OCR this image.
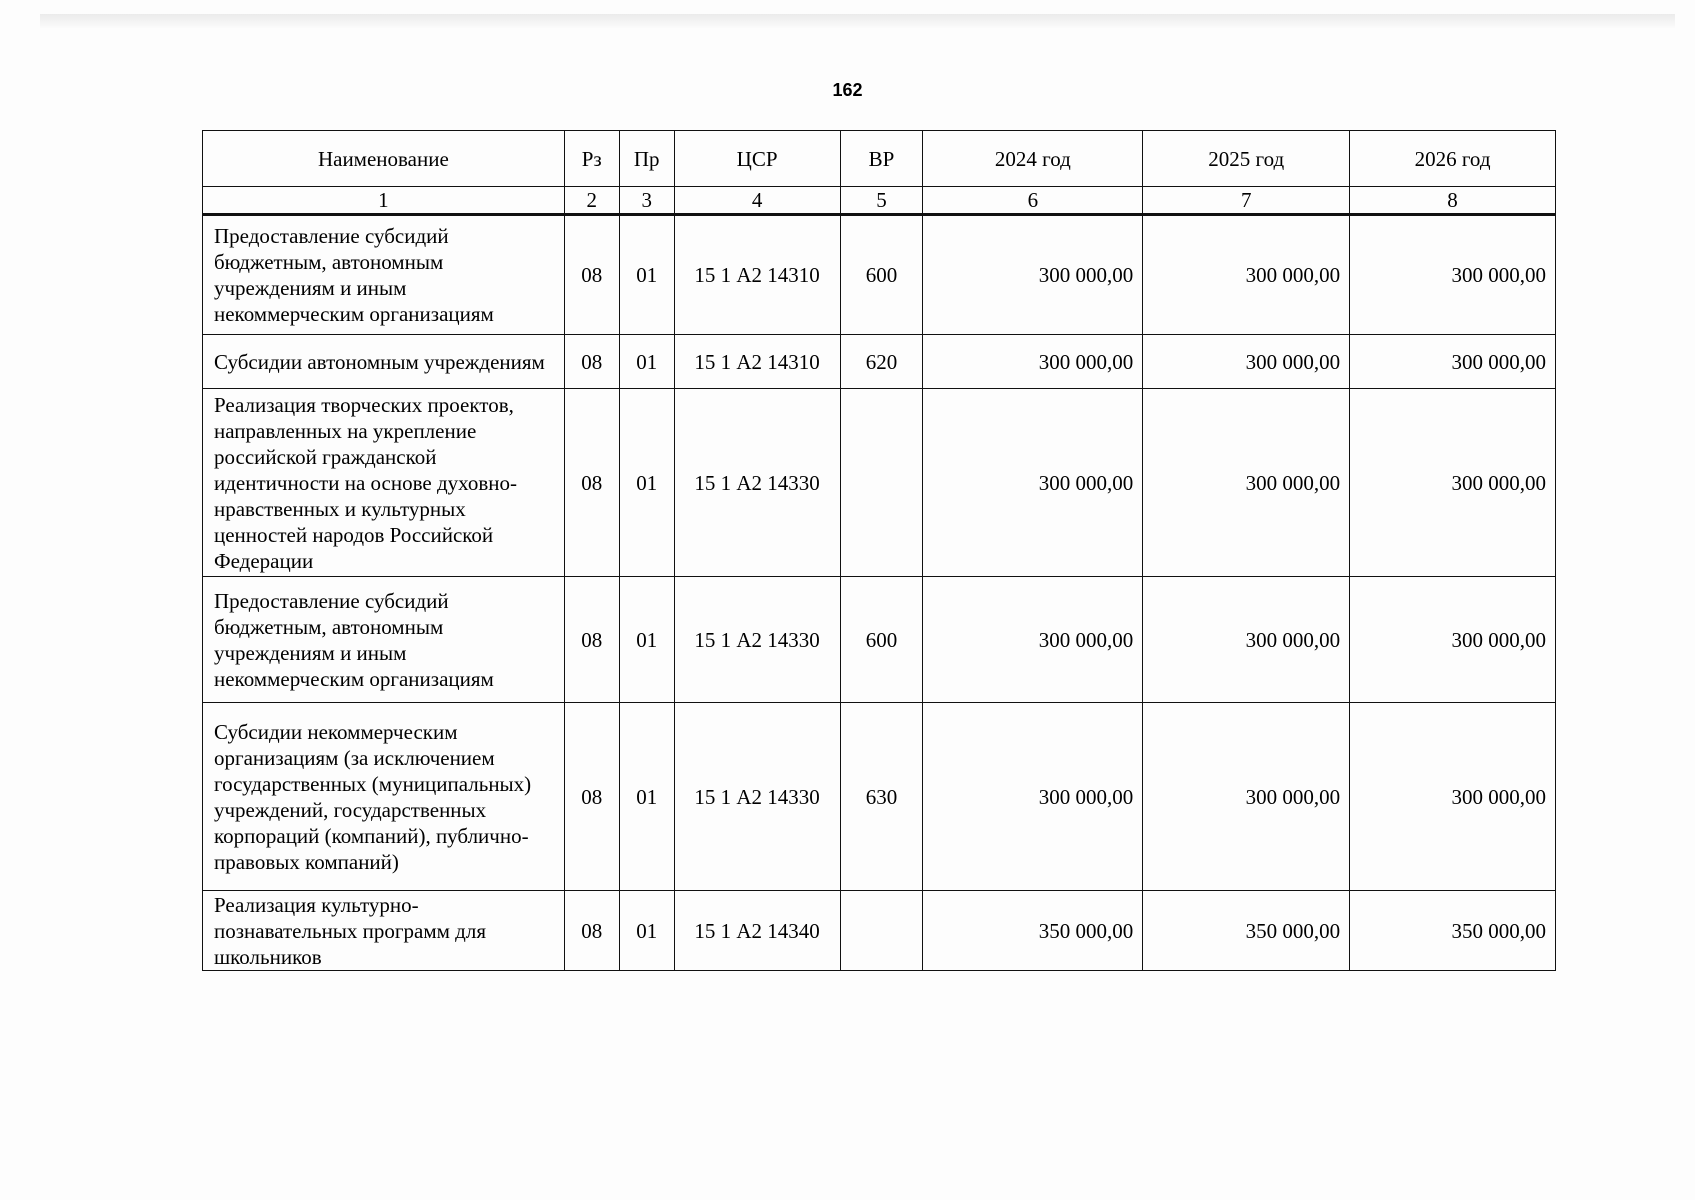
162
Наименование	Рз	Пр	ЦСР	ВР	2024 год	2025 год	2026 год
1	2	3	4	5	6	7	8
Предоставление субсидий бюджетным, автономным учреждениям и иным некоммерческим организациям	08	01	15 1 А2 14310	600	300 000,00	300 000,00	300 000,00
Субсидии автономным учреждениям	08	01	15 1 А2 14310	620	300 000,00	300 000,00	300 000,00
Реализация творческих проектов, направленных на укрепление российской гражданской идентичности на основе духовно-нравственных и культурных ценностей народов Российской Федерации	08	01	15 1 А2 14330		300 000,00	300 000,00	300 000,00
Предоставление субсидий бюджетным, автономным учреждениям и иным некоммерческим организациям	08	01	15 1 А2 14330	600	300 000,00	300 000,00	300 000,00
Субсидии некоммерческим организациям (за исключением государственных (муниципальных) учреждений, государственных корпораций (компаний), публично-правовых компаний)	08	01	15 1 А2 14330	630	300 000,00	300 000,00	300 000,00
Реализация культурно-познавательных программ для школьников	08	01	15 1 А2 14340		350 000,00	350 000,00	350 000,00
